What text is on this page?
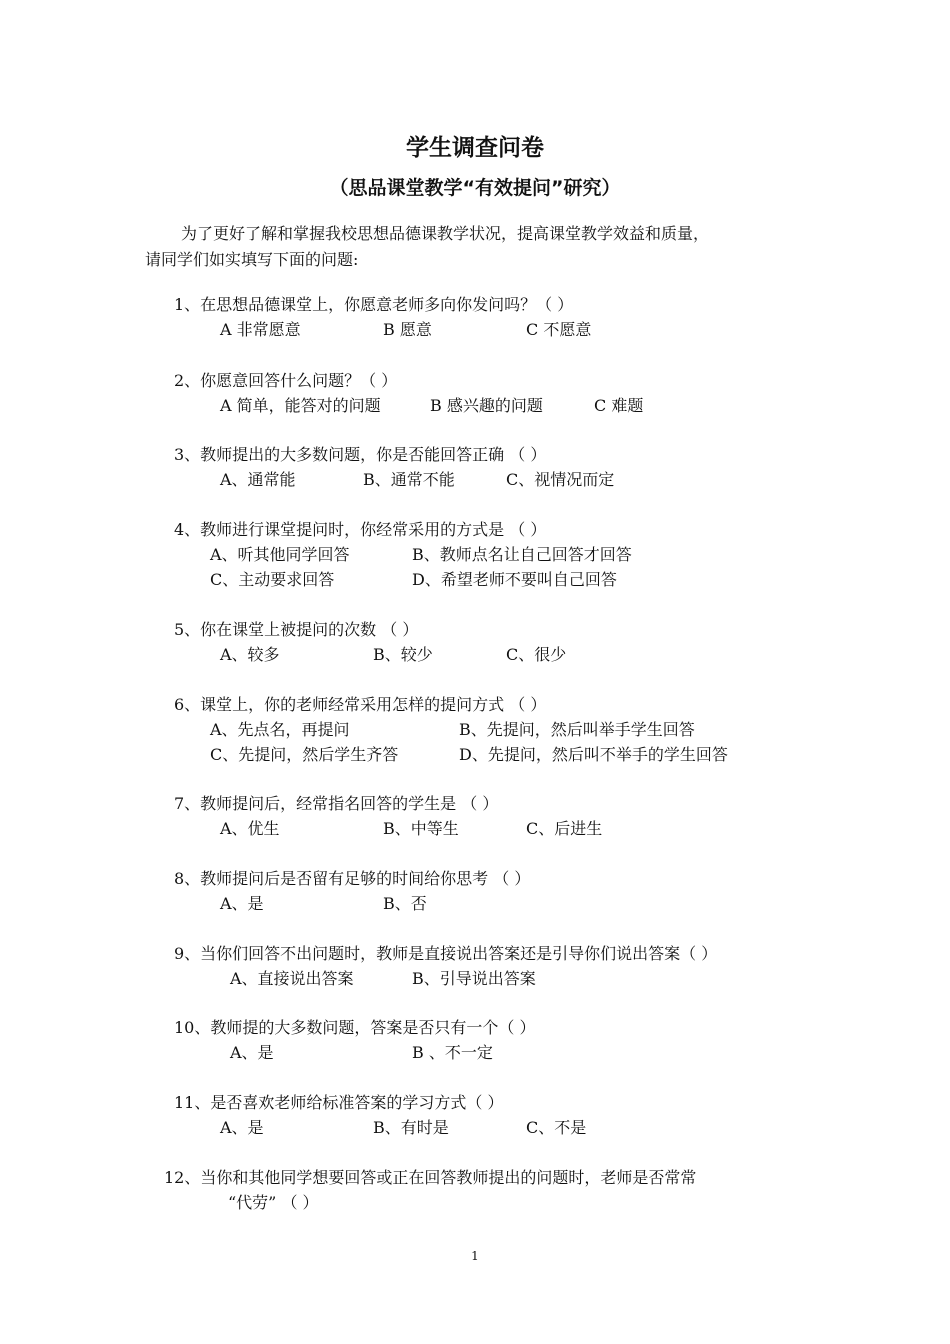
学生调查问卷
（思品课堂教学“有效提问”研究）
为了更好了解和掌握我校思想品德课教学状况，提高课堂教学效益和质量，
请同学们如实填写下面的问题:
1、在思想品德课堂上，你愿意老师多向你发问吗？（ ）
A 非常愿意	B 愿意	C 不愿意
2、你愿意回答什么问题？（ ）
A 简单，能答对的问题	B 感兴趣的问题	C 难题
3、教师提出的大多数问题，你是否能回答正确 （ ）
A、通常能	B、通常不能	C、视情况而定
4、教师进行课堂提问时，你经常采用的方式是 （ ）
A、听其他同学回答	B、教师点名让自己回答才回答
C、主动要求回答	D、希望老师不要叫自己回答
5、你在课堂上被提问的次数 （ ）
A、较多	B、较少	C、很少
6、课堂上，你的老师经常采用怎样的提问方式 （ ）
A、先点名，再提问	B、先提问，然后叫举手学生回答
C、先提问，然后学生齐答	D、先提问，然后叫不举手的学生回答
7、教师提问后，经常指名回答的学生是 （ ）
A、优生	B、中等生	C、后进生
8、教师提问后是否留有足够的时间给你思考 （ ）
A、是	B、否
9、当你们回答不出问题时，教师是直接说出答案还是引导你们说出答案（ ）
A、直接说出答案	B、引导说出答案
10、教师提的大多数问题，答案是否只有一个（ ）
A、是	B 、不一定
11、是否喜欢老师给标准答案的学习方式（ ）
A、是	B、有时是	C、不是
12、当你和其他同学想要回答或正在回答教师提出的问题时，老师是否常常
“代劳” （ ）
1
